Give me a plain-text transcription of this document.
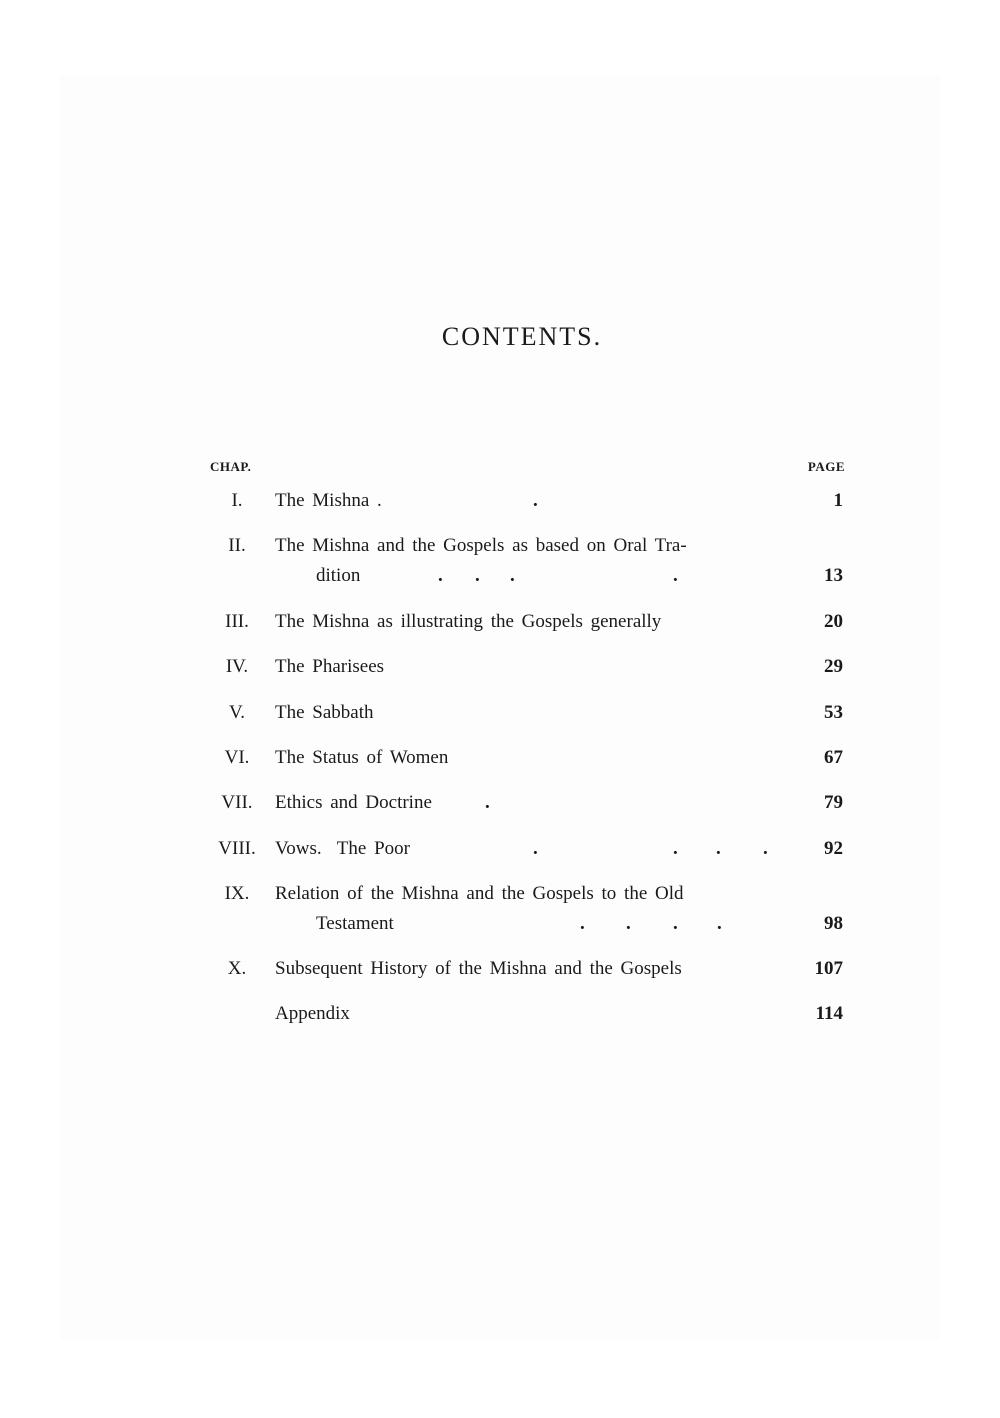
CONTENTS.
CHAP.	PAGE
I.	The Mishna .	.	1
II.	The Mishna and the Gospels as based on Oral Tra-
dition	. . .	.	13
III.	The Mishna as illustrating the Gospels generally	20
IV.	The Pharisees	29
V.	The Sabbath	53
VI.	The Status of Women	67
VII.	Ethics and Doctrine	.	79
VIII.	Vows.  The Poor	.	. . .	92
IX.	Relation of the Mishna and the Gospels to the Old
Testament	. . . .	98
X.	Subsequent History of the Mishna and the Gospels	107
Appendix	114
